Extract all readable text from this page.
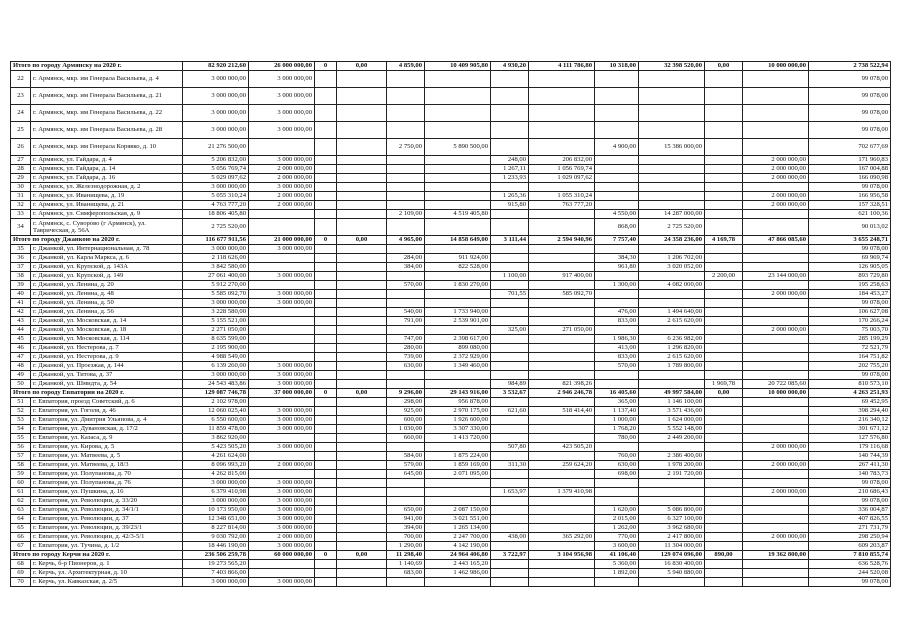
Итого по городу Армянску на 2020 г.		82 920 212,60	26 000 000,00	0	0,00	4 859,00	10 409 905,80	4 930,20	4 111 786,80	10 318,00	32 398 520,00	0,00	10 000 000,00	2 738 522,94
22	г. Армянск, мкр. им Генерала Васильева, д. 4	3 000 000,00	3 000 000,00											99 078,00
23	г. Армянск, мкр. им Генерала Васильева, д. 21	3 000 000,00	3 000 000,00											99 078,00
24	г. Армянск, мкр. им Генерала Васильева, д. 22	3 000 000,00	3 000 000,00											99 078,00
25	г. Армянск, мкр. им Генерала Васильева, д. 28	3 000 000,00	3 000 000,00											99 078,00
26	г. Армянск, мкр. им Генерала Корявко, д. 10	21 276 500,00				2 750,00	5 890 500,00			4 900,00	15 386 000,00			702 677,69
27	г. Армянск, ул. Гайдара, д. 4	5 206 832,00	3 000 000,00					248,00	206 832,00				2 000 000,00	171 960,83
28	г. Армянск, ул. Гайдара, д. 14	5 056 769,74	2 000 000,00					1 267,11	1 056 769,74				2 000 000,00	167 004,88
29	г. Армянск, ул. Гайдара, д. 16	5 029 097,62	2 000 000,00					1 233,93	1 029 097,62				2 000 000,00	166 090,98
30	г. Армянск, ул. Железнодорожная, д. 2	3 000 000,00	3 000 000,00											99 078,00
31	г. Армянск, ул. Иванищева, д. 19	5 055 310,24	2 000 000,00					1 265,36	1 055 310,24				2 000 000,00	166 956,58
32	г. Армянск, ул. Иванищева, д. 21	4 763 777,20	2 000 000,00					915,80	763 777,20				2 000 000,00	157 328,51
33	г. Армянск, ул. Симферопольская, д. 9	18 806 405,80				2 109,00	4 519 405,80			4 550,00	14 287 000,00			621 100,36
34	г. Армянск, с. Суворово (г Армянск), ул. Таврическая, д. 56А	2 725 520,00								868,00	2 725 520,00			90 013,02
Итого по городу Джанкою на 2020 г.		116 677 911,56	21 000 000,00	0	0,00	4 965,00	14 858 649,00	3 111,44	2 594 940,96	7 757,40	24 358 236,00	4 169,78	47 866 085,60	3 655 248,71
35	г. Джанкой, ул. Интернациональная, д. 78	3 000 000,00	3 000 000,00											99 078,00
36	г. Джанкой, ул. Карла Маркса, д. 6	2 118 626,00				284,00	911 924,00			384,30	1 206 702,00			69 969,74
37	г. Джанкой, ул. Крупской, д. 143А	3 842 580,00				384,00	822 528,00			961,80	3 020 052,00			126 905,05
38	г. Джанкой, ул. Крупской, д. 149	27 061 400,00	3 000 000,00					1 100,00	917 400,00			2 200,00	23 144 000,00	893 729,80
39	г. Джанкой, ул. Ленина, д. 20	5 912 270,00				570,00	1 830 270,00			1 300,00	4 082 000,00			195 258,63
40	г. Джанкой, ул. Ленина, д. 48	5 585 092,70	3 000 000,00					701,55	585 092,70				2 000 000,00	184 453,27
41	г. Джанкой, ул. Ленина, д. 50	3 000 000,00	3 000 000,00											99 078,00
42	г. Джанкой, ул. Ленина, д. 56	3 228 580,00				540,00	1 733 940,00			476,00	1 494 640,00			106 627,08
43	г. Джанкой, ул. Московская, д. 14	5 155 521,00				791,00	2 539 901,00			833,00	2 615 620,00			170 266,24
44	г. Джанкой, ул. Московская, д. 18	2 271 050,00						325,00	271 050,00				2 000 000,00	75 003,70
45	г. Джанкой, ул. Московская, д. 114	8 635 599,00				747,00	2 398 617,00			1 986,30	6 236 982,00			285 199,29
46	г. Джанкой, ул. Нестерова, д. 7	2 195 900,00				280,00	899 080,00			413,00	1 296 820,00			72 521,79
47	г. Джанкой, ул. Нестерова, д. 9	4 988 549,00				739,00	2 372 929,00			833,00	2 615 620,00			164 751,82
48	г. Джанкой, ул. Проезжая, д. 144	6 139 260,00	3 000 000,00			630,00	1 349 460,00			570,00	1 789 800,00			202 755,20
49	г. Джанкой, ул. Титова, д. 37	3 000 000,00	3 000 000,00											99 078,00
50	г. Джанкой, ул. Шмидта, д. 54	24 543 483,86	3 000 000,00					984,89	821 398,26			1 969,78	20 722 085,60	810 573,10
Итого по городу Евпатории на 2020 г.		129 087 746,78	37 000 000,00	0	0,00	9 296,00	29 143 916,00	3 532,67	2 946 246,78	16 405,60	49 997 584,00	0,00	10 000 000,00	4 263 251,93
51	г. Евпатория, проезд Советский, д. 6	2 102 978,00				298,00	956 878,00			365,00	1 146 100,00			69 452,95
52	г. Евпатория, ул. Гоголя, д. 46	12 060 025,40	3 000 000,00			925,00	2 970 175,00	621,60	518 414,40	1 137,40	3 571 436,00			398 294,40
53	г. Евпатория, ул. Дмитрия Ульянова, д. 4	6 550 600,00	3 000 000,00			600,00	1 926 600,00			1 000,00	1 624 000,00			216 340,12
54	г. Евпатория, ул. Дувановская, д. 17/2	11 859 478,00	3 000 000,00			1 030,00	3 307 330,00			1 768,20	5 552 148,00			391 671,12
55	г. Евпатория, ул. Казаса, д. 9	3 862 920,00				660,00	1 413 720,00			780,00	2 449 200,00			127 576,80
56	г. Евпатория, ул. Кирова, д. 5	5 423 505,20	3 000 000,00					507,80	423 505,20				2 000 000,00	179 116,68
57	г. Евпатория, ул. Матвеева, д. 5	4 261 624,00				584,00	1 875 224,00			760,00	2 386 400,00			140 744,39
58	г. Евпатория, ул. Матвеева, д. 18/3	8 096 993,20	2 000 000,00			579,00	1 859 169,00	311,30	259 624,20	630,00	1 978 200,00		2 000 000,00	267 411,30
59	г. Евпатория, ул. Полупанова, д. 70	4 262 815,00				645,00	2 071 095,00			698,00	2 191 720,00			140 783,73
60	г. Евпатория, ул. Полупанова, д. 76	3 000 000,00	3 000 000,00											99 078,00
61	г. Евпатория, ул. Пушкина, д. 16	6 379 410,98	3 000 000,00					1 653,97	1 379 410,98				2 000 000,00	210 686,43
62	г. Евпатория, ул. Революции, д. 33/20	3 000 000,00	3 000 000,00											99 078,00
63	г. Евпатория, ул. Революции, д. 34/1/1	10 173 950,00	3 000 000,00			650,00	2 087 150,00			1 620,00	5 086 800,00			336 004,87
64	г. Евпатория, ул. Революции, д. 37	12 348 651,00	3 000 000,00			941,00	3 021 551,00			2 015,00	6 327 100,00			407 826,55
65	г. Евпатория, ул. Революции, д. 39/23/1	8 227 814,00	3 000 000,00			394,00	1 265 134,00			1 262,00	3 962 680,00			271 731,79
66	г. Евпатория, ул. Революции, д. 42/3-5/1	9 030 792,00	2 000 000,00			700,00	2 247 700,00	438,00	365 292,00	770,00	2 417 800,00		2 000 000,00	298 250,94
67	г. Евпатория, ул. Тучина, д. 1/2	18 446 190,00	3 000 000,00			1 290,00	4 142 190,00			3 600,00	11 304 000,00			609 203,87
Итого по городу Керчи на 2020 г.		236 506 259,78	60 000 000,00	0	0,00	11 298,40	24 964 406,80	3 722,97	3 104 956,98	41 106,40	129 074 096,00	890,00	19 362 800,00	7 810 855,74
68	г. Керчь, б-р Пионеров, д. 1	19 273 565,20				1 140,69	2 443 165,20			5 360,00	16 830 400,00			636 528,76
69	г. Керчь, ул. Архитектурная, д. 10	7 403 866,00				683,00	1 462 986,00			1 892,00	5 940 880,00			244 520,08
70	г. Керчь, ул. Кавказская, д. 2/5	3 000 000,00	3 000 000,00											99 078,00
